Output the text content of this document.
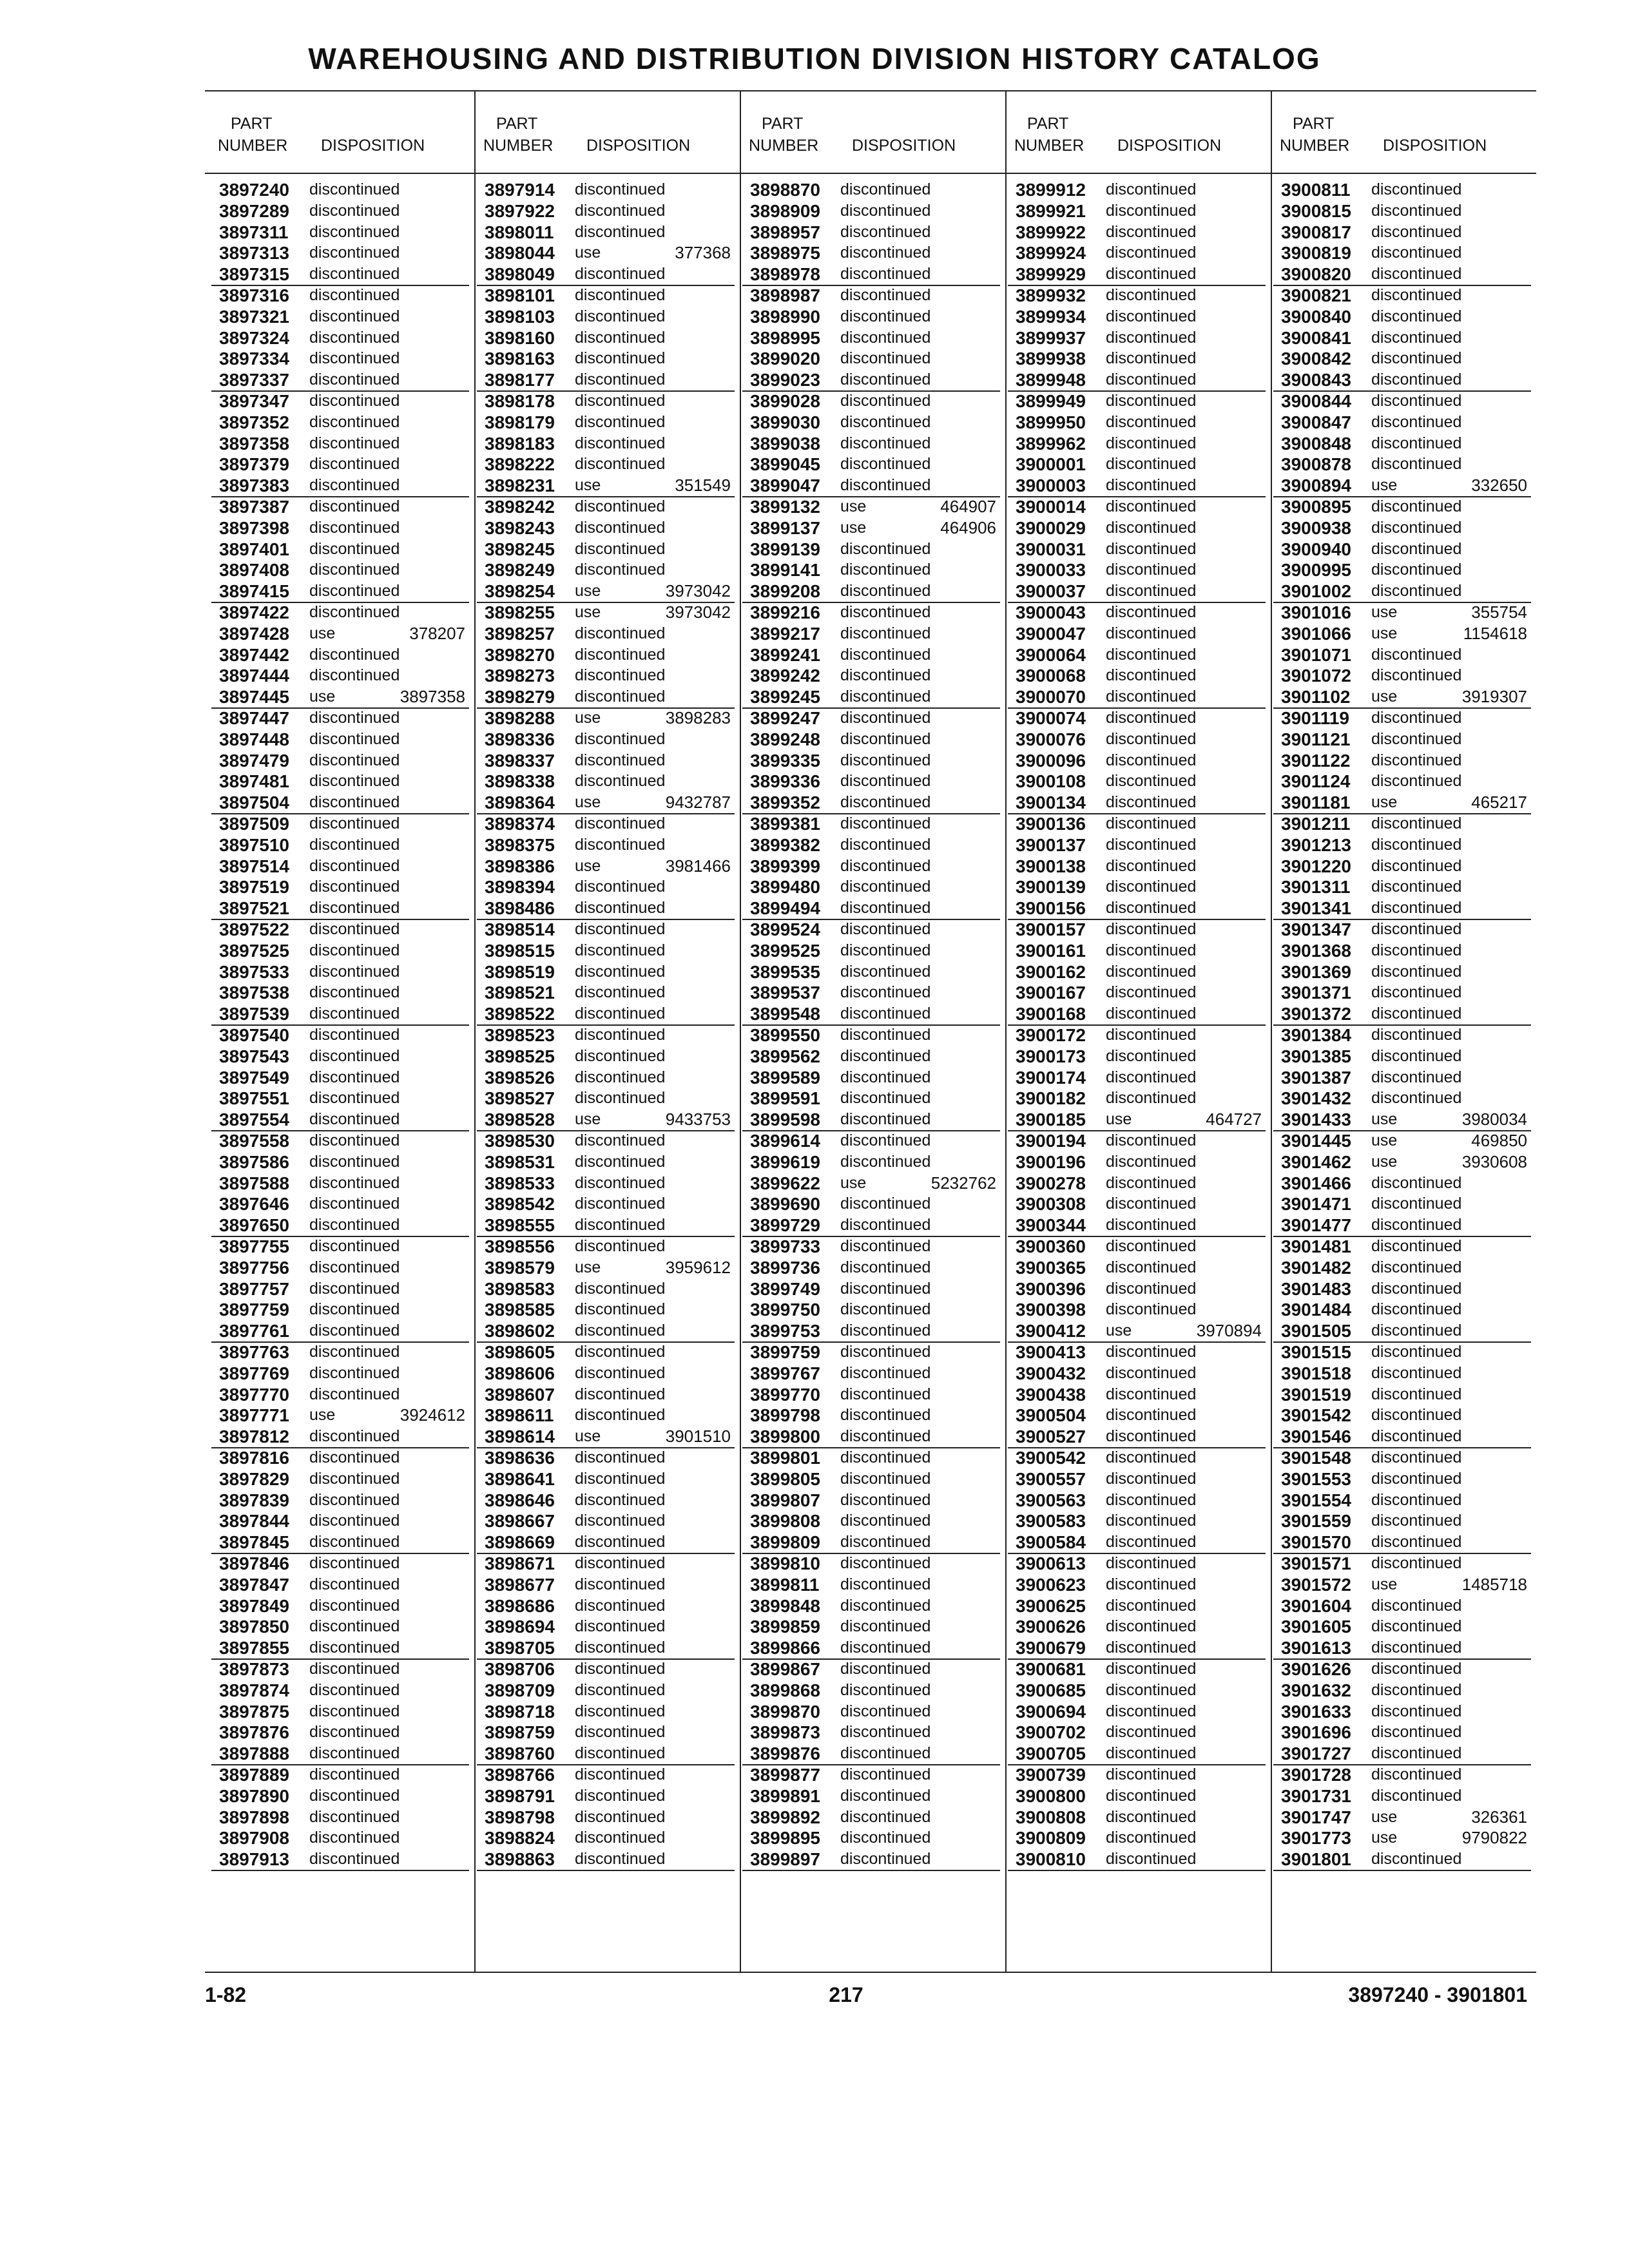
WAREHOUSING AND DISTRIBUTION DIVISION HISTORY CATALOG
PART
NUMBER DISPOSITION
3897240 discontinued
3897289 discontinued
3897311 discontinued
3897313 discontinued
3897315 discontinued
3897316 discontinued
3897321 discontinued
3897324 discontinued
3897334 discontinued
3897337 discontinued
3897347 discontinued
3897352 discontinued
3897358 discontinued
3897379 discontinued
3897383 discontinued
3897387 discontinued
3897398 discontinued
3897401 discontinued
3897408 discontinued
3897415 discontinued
3897422 discontinued
3897428 use	378207
3897442 discontinued
3897444 discontinued
3897445 use	3897358
3897447 discontinued
3897448 discontinued
3897479 discontinued
3897481 discontinued
3897504 discontinued
3897509 discontinued
3897510 discontinued
3897514 discontinued
3897519 discontinued
3897521 discontinued
3897522 discontinued
3897525 discontinued
3897533 discontinued
3897538 discontinued
3897539 discontinued
3897540 discontinued
3897543 discontinued
3897549 discontinued
3897551 discontinued
3897554 discontinued
3897558 discontinued
3897586 discontinued
3897588 discontinued
3897646 discontinued
3897650 discontinued
3897755 discontinued
3897756 discontinued
3897757 discontinued
3897759 discontinued
3897761 discontinued
3897763 discontinued
3897769 discontinued
3897770 discontinued
3897771 use	3924612
3897812 discontinued
3897816 discontinued
3897829 discontinued
3897839 discontinued
3897844 discontinued
3897845 discontinued
3897846 discontinued
3897847 discontinued
3897849 discontinued
3897850 discontinued
3897855 discontinued
3897873 discontinued
3897874 discontinued
3897875 discontinued
3897876 discontinued
3897888 discontinued
3897889 discontinued
3897890 discontinued
3897898 discontinued
3897908 discontinued
3897913 discontinued
PART
NUMBER DISPOSITION
3897914 discontinued
3897922 discontinued
3898011 discontinued
3898044 use	377368
3898049 discontinued
3898101 discontinued
3898103 discontinued
3898160 discontinued
3898163 discontinued
3898177 discontinued
3898178 discontinued
3898179 discontinued
3898183 discontinued
3898222 discontinued
3898231 use	351549
3898242 discontinued
3898243 discontinued
3898245 discontinued
3898249 discontinued
3898254 use	3973042
3898255 use	3973042
3898257 discontinued
3898270 discontinued
3898273 discontinued
3898279 discontinued
3898288 use	3898283
3898336 discontinued
3898337 discontinued
3898338 discontinued
3898364 use	9432787
3898374 discontinued
3898375 discontinued
3898386 use	3981466
3898394 discontinued
3898486 discontinued
3898514 discontinued
3898515 discontinued
3898519 discontinued
3898521 discontinued
3898522 discontinued
3898523 discontinued
3898525 discontinued
3898526 discontinued
3898527 discontinued
3898528 use	9433753
3898530 discontinued
3898531 discontinued
3898533 discontinued
3898542 discontinued
3898555 discontinued
3898556 discontinued
3898579 use	3959612
3898583 discontinued
3898585 discontinued
3898602 discontinued
3898605 discontinued
3898606 discontinued
3898607 discontinued
3898611 discontinued
3898614 use	3901510
3898636 discontinued
3898641 discontinued
3898646 discontinued
3898667 discontinued
3898669 discontinued
3898671 discontinued
3898677 discontinued
3898686 discontinued
3898694 discontinued
3898705 discontinued
3898706 discontinued
3898709 discontinued
3898718 discontinued
3898759 discontinued
3898760 discontinued
3898766 discontinued
3898791 discontinued
3898798 discontinued
3898824 discontinued
3898863 discontinued
PART
NUMBER DISPOSITION
3898870 discontinued
3898909 discontinued
3898957 discontinued
3898975 discontinued
3898978 discontinued
3898987 discontinued
3898990 discontinued
3898995 discontinued
3899020 discontinued
3899023 discontinued
3899028 discontinued
3899030 discontinued
3899038 discontinued
3899045 discontinued
3899047 discontinued
3899132 use	464907
3899137 use	464906
3899139 discontinued
3899141 discontinued
3899208 discontinued
3899216 discontinued
3899217 discontinued
3899241 discontinued
3899242 discontinued
3899245 discontinued
3899247 discontinued
3899248 discontinued
3899335 discontinued
3899336 discontinued
3899352 discontinued
3899381 discontinued
3899382 discontinued
3899399 discontinued
3899480 discontinued
3899494 discontinued
3899524 discontinued
3899525 discontinued
3899535 discontinued
3899537 discontinued
3899548 discontinued
3899550 discontinued
3899562 discontinued
3899589 discontinued
3899591 discontinued
3899598 discontinued
3899614 discontinued
3899619 discontinued
3899622 use	5232762
3899690 discontinued
3899729 discontinued
3899733 discontinued
3899736 discontinued
3899749 discontinued
3899750 discontinued
3899753 discontinued
3899759 discontinued
3899767 discontinued
3899770 discontinued
3899798 discontinued
3899800 discontinued
3899801 discontinued
3899805 discontinued
3899807 discontinued
3899808 discontinued
3899809 discontinued
3899810 discontinued
3899811 discontinued
3899848 discontinued
3899859 discontinued
3899866 discontinued
3899867 discontinued
3899868 discontinued
3899870 discontinued
3899873 discontinued
3899876 discontinued
3899877 discontinued
3899891 discontinued
3899892 discontinued
3899895 discontinued
3899897 discontinued
PART
NUMBER DISPOSITION
3899912 discontinued
3899921 discontinued
3899922 discontinued
3899924 discontinued
3899929 discontinued
3899932 discontinued
3899934 discontinued
3899937 discontinued
3899938 discontinued
3899948 discontinued
3899949 discontinued
3899950 discontinued
3899962 discontinued
3900001 discontinued
3900003 discontinued
3900014 discontinued
3900029 discontinued
3900031 discontinued
3900033 discontinued
3900037 discontinued
3900043 discontinued
3900047 discontinued
3900064 discontinued
3900068 discontinued
3900070 discontinued
3900074 discontinued
3900076 discontinued
3900096 discontinued
3900108 discontinued
3900134 discontinued
3900136 discontinued
3900137 discontinued
3900138 discontinued
3900139 discontinued
3900156 discontinued
3900157 discontinued
3900161 discontinued
3900162 discontinued
3900167 discontinued
3900168 discontinued
3900172 discontinued
3900173 discontinued
3900174 discontinued
3900182 discontinued
3900185 use	464727
3900194 discontinued
3900196 discontinued
3900278 discontinued
3900308 discontinued
3900344 discontinued
3900360 discontinued
3900365 discontinued
3900396 discontinued
3900398 discontinued
3900412 use	3970894
3900413 discontinued
3900432 discontinued
3900438 discontinued
3900504 discontinued
3900527 discontinued
3900542 discontinued
3900557 discontinued
3900563 discontinued
3900583 discontinued
3900584 discontinued
3900613 discontinued
3900623 discontinued
3900625 discontinued
3900626 discontinued
3900679 discontinued
3900681 discontinued
3900685 discontinued
3900694 discontinued
3900702 discontinued
3900705 discontinued
3900739 discontinued
3900800 discontinued
3900808 discontinued
3900809 discontinued
3900810 discontinued
PART
NUMBER DISPOSITION
3900811 discontinued
3900815 discontinued
3900817 discontinued
3900819 discontinued
3900820 discontinued
3900821 discontinued
3900840 discontinued
3900841 discontinued
3900842 discontinued
3900843 discontinued
3900844 discontinued
3900847 discontinued
3900848 discontinued
3900878 discontinued
3900894 use	332650
3900895 discontinued
3900938 discontinued
3900940 discontinued
3900995 discontinued
3901002 discontinued
3901016 use	355754
3901066 use	1154618
3901071 discontinued
3901072 discontinued
3901102 use	3919307
3901119 discontinued
3901121 discontinued
3901122 discontinued
3901124 discontinued
3901181 use	465217
3901211 discontinued
3901213 discontinued
3901220 discontinued
3901311 discontinued
3901341 discontinued
3901347 discontinued
3901368 discontinued
3901369 discontinued
3901371 discontinued
3901372 discontinued
3901384 discontinued
3901385 discontinued
3901387 discontinued
3901432 discontinued
3901433 use	3980034
3901445 use	469850
3901462 use	3930608
3901466 discontinued
3901471 discontinued
3901477 discontinued
3901481 discontinued
3901482 discontinued
3901483 discontinued
3901484 discontinued
3901505 discontinued
3901515 discontinued
3901518 discontinued
3901519 discontinued
3901542 discontinued
3901546 discontinued
3901548 discontinued
3901553 discontinued
3901554 discontinued
3901559 discontinued
3901570 discontinued
3901571 discontinued
3901572 use	1485718
3901604 discontinued
3901605 discontinued
3901613 discontinued
3901626 discontinued
3901632 discontinued
3901633 discontinued
3901696 discontinued
3901727 discontinued
3901728 discontinued
3901731 discontinued
3901747 use	326361
3901773 use	9790822
3901801 discontinued
1-82	217	3897240 - 3901801
